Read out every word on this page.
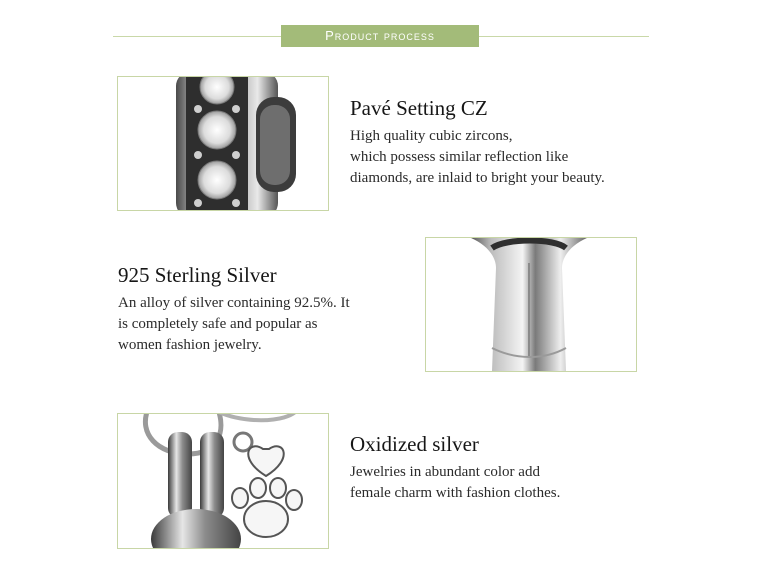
Product process
Pavé Setting CZ
High quality cubic zircons,
which possess similar reflection like
diamonds, are inlaid to bright your beauty.
925 Sterling Silver
An alloy of silver containing 92.5%. It
is completely safe and popular as
women fashion jewelry.
Oxidized silver
Jewelries in abundant color add
female charm with fashion clothes.
